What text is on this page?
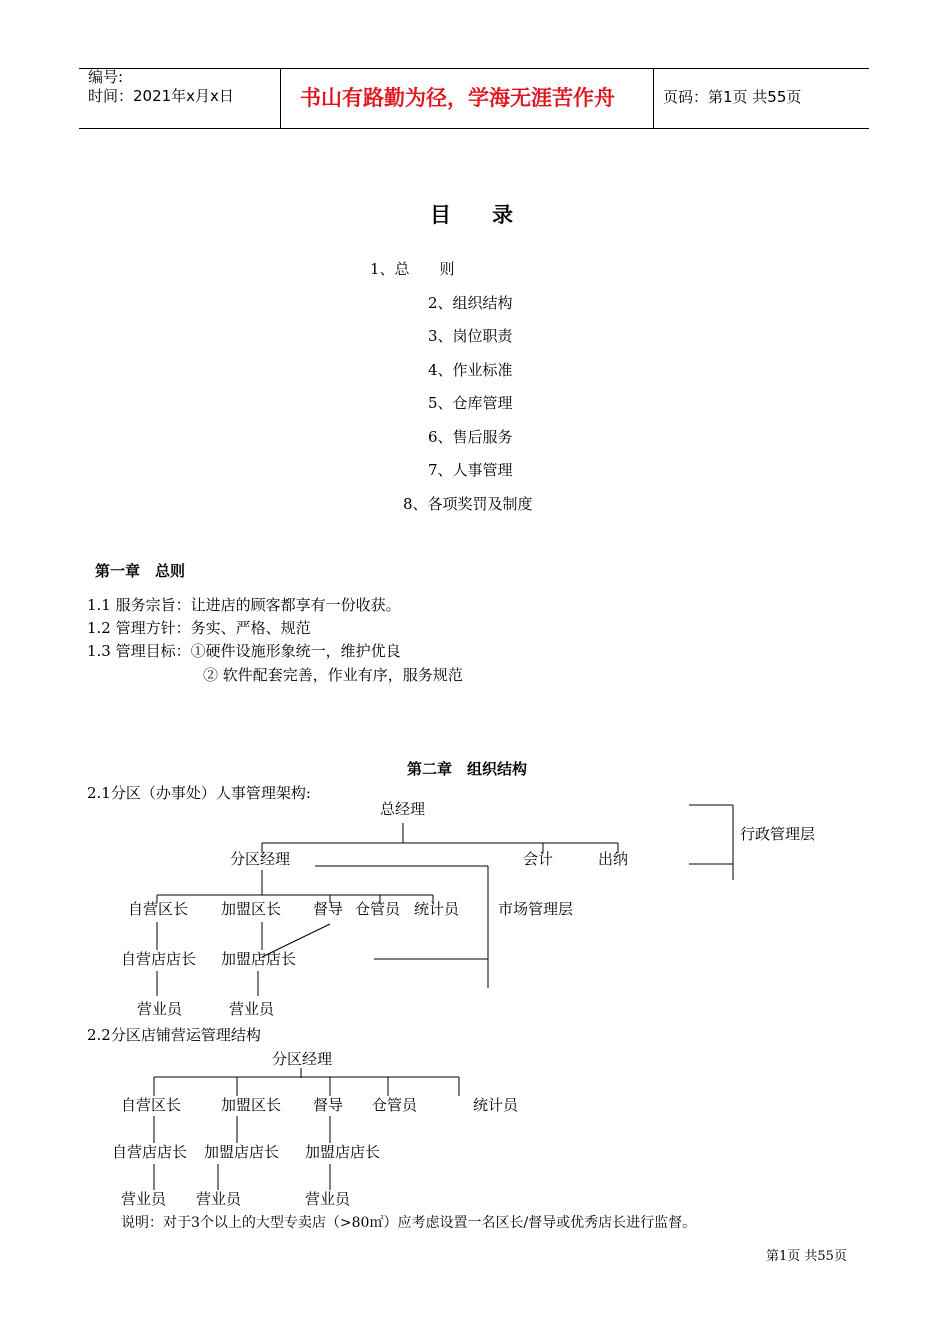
编号:
时间：2021年x月x日	书山有路勤为径，学海无涯苦作舟	页码：第1页 共55页
目 录
1、总　　则
2、组织结构
3、岗位职责
4、作业标准
5、仓库管理
6、售后服务
7、人事管理
8、各项奖罚及制度
第一章　总则
1.1 服务宗旨：让进店的顾客都享有一份收获。
1.2 管理方针：务实、严格、规范
1.3 管理目标：①硬件设施形象统一，维护优良
② 软件配套完善，作业有序，服务规范
第二章　组织结构
2.1分区（办事处）人事管理架构:
总经理
分区经理	会计	出纳
行政管理层
自营区长 加盟区长 督导 仓管员 统计员	市场管理层
自营店店长 加盟店店长
营业员	营业员
2.2分区店铺营运管理结构
分区经理
自营区长	加盟区长 督导 仓管员	统计员
自营店店长 加盟店店长 加盟店店长
营业员 营业员	营业员
说明：对于3个以上的大型专卖店（>80㎡）应考虑设置一名区长/督导或优秀店长进行监督。
第1页 共55页
